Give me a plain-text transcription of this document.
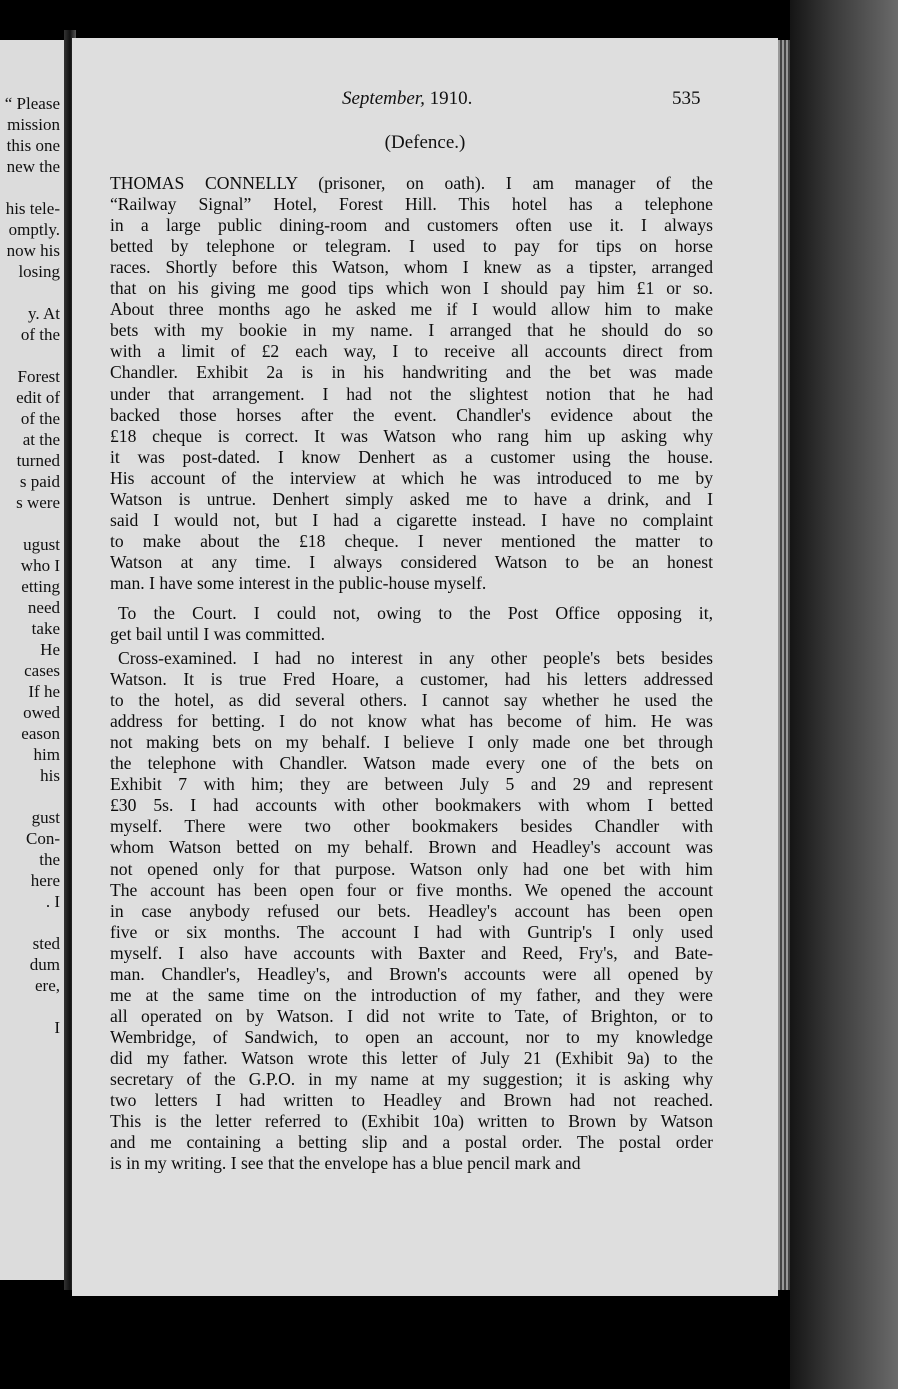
“ Please
mission
this one
new the
his tele-
omptly.
now his
losing
y. At
of the
Forest
edit of
of the
at the
turned
s paid
s were
ugust
who I
etting
need
take
He
cases
If he
owed
eason
him
his
gust
Con-
the
here
. I
sted
dum
ere,
I
September, 1910.	535
(Defence.)
THOMAS CONNELLY (prisoner, on oath). I am manager of the
“Railway Signal” Hotel, Forest Hill. This hotel has a telephone
in a large public dining-room and customers often use it. I always
betted by telephone or telegram. I used to pay for tips on horse
races. Shortly before this Watson, whom I knew as a tipster, arranged
that on his giving me good tips which won I should pay him £1 or so.
About three months ago he asked me if I would allow him to make
bets with my bookie in my name. I arranged that he should do so
with a limit of £2 each way, I to receive all accounts direct from
Chandler. Exhibit 2a is in his handwriting and the bet was made
under that arrangement. I had not the slightest notion that he had
backed those horses after the event. Chandler's evidence about the
£18 cheque is correct. It was Watson who rang him up asking why
it was post-dated. I know Denhert as a customer using the house.
His account of the interview at which he was introduced to me by
Watson is untrue. Denhert simply asked me to have a drink, and I
said I would not, but I had a cigarette instead. I have no complaint
to make about the £18 cheque. I never mentioned the matter to
Watson at any time. I always considered Watson to be an honest
man. I have some interest in the public-house myself.
To the Court. I could not, owing to the Post Office opposing it,
get bail until I was committed.
Cross-examined. I had no interest in any other people's bets besides
Watson. It is true Fred Hoare, a customer, had his letters addressed
to the hotel, as did several others. I cannot say whether he used the
address for betting. I do not know what has become of him. He was
not making bets on my behalf. I believe I only made one bet through
the telephone with Chandler. Watson made every one of the bets on
Exhibit 7 with him; they are between July 5 and 29 and represent
£30 5s. I had accounts with other bookmakers with whom I betted
myself. There were two other bookmakers besides Chandler with
whom Watson betted on my behalf. Brown and Headley's account was
not opened only for that purpose. Watson only had one bet with him
The account has been open four or five months. We opened the account
in case anybody refused our bets. Headley's account has been open
five or six months. The account I had with Guntrip's I only used
myself. I also have accounts with Baxter and Reed, Fry's, and Bate-
man. Chandler's, Headley's, and Brown's accounts were all opened by
me at the same time on the introduction of my father, and they were
all operated on by Watson. I did not write to Tate, of Brighton, or to
Wembridge, of Sandwich, to open an account, nor to my knowledge
did my father. Watson wrote this letter of July 21 (Exhibit 9a) to the
secretary of the G.P.O. in my name at my suggestion; it is asking why
two letters I had written to Headley and Brown had not reached.
This is the letter referred to (Exhibit 10a) written to Brown by Watson
and me containing a betting slip and a postal order. The postal order
is in my writing. I see that the envelope has a blue pencil mark and
